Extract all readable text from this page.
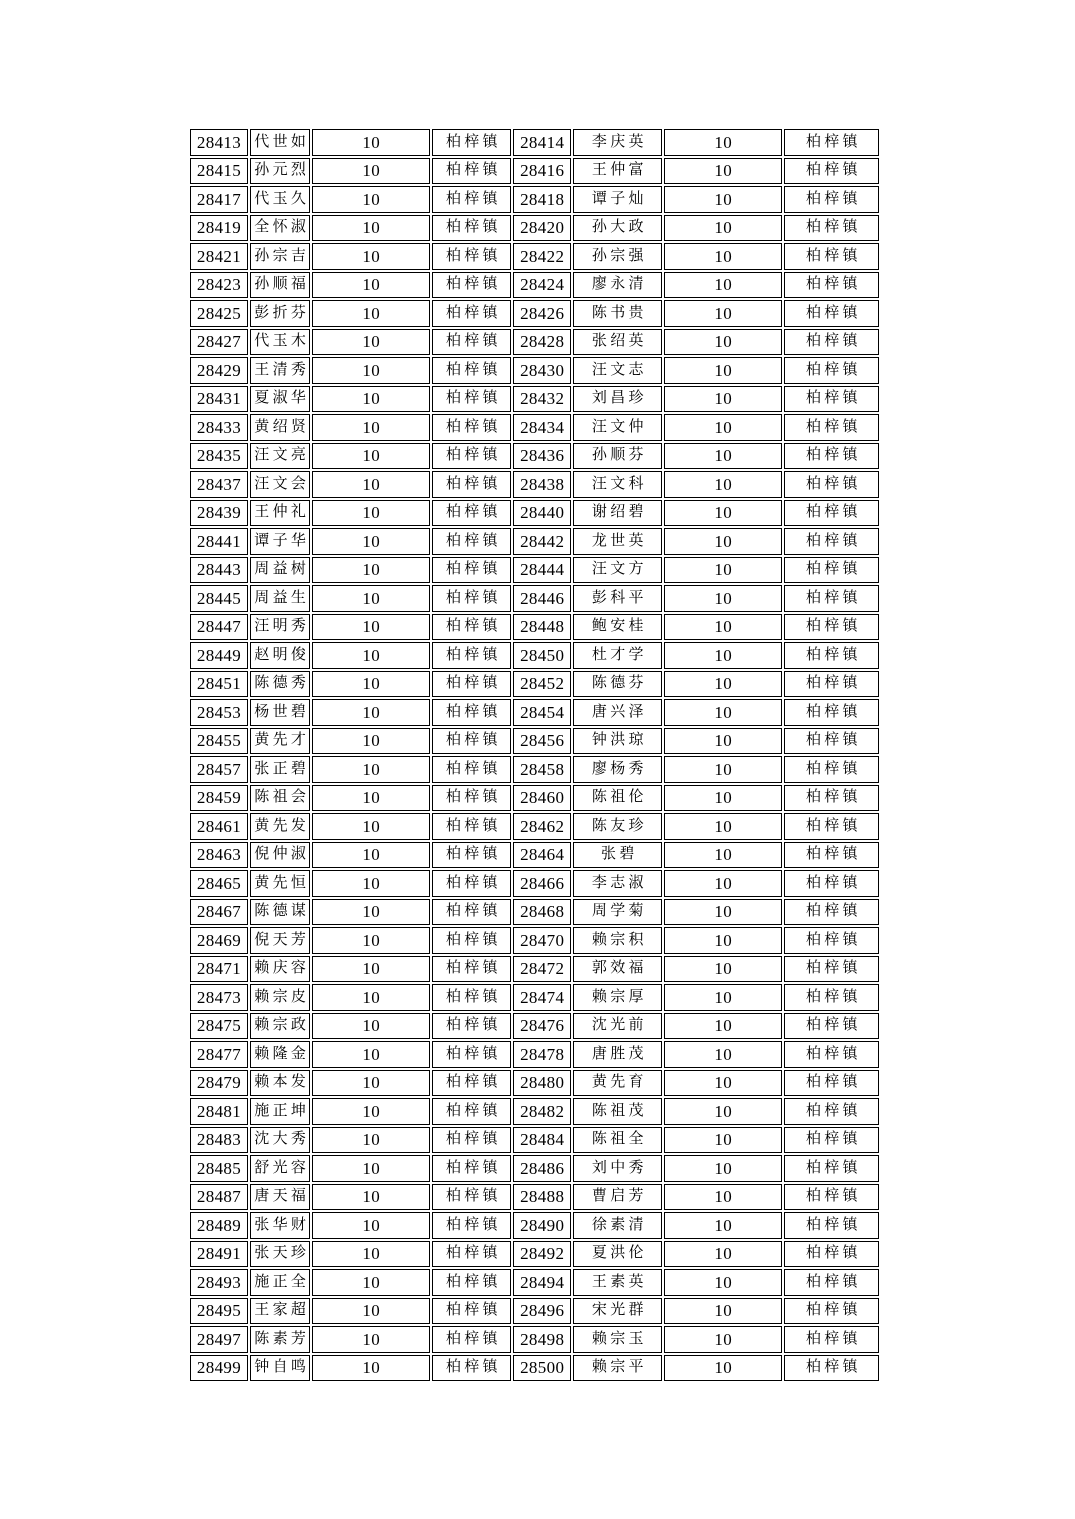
28413	代世如	10	柏梓镇	28414	李庆英	10	柏梓镇
28415	孙元烈	10	柏梓镇	28416	王仲富	10	柏梓镇
28417	代玉久	10	柏梓镇	28418	谭子灿	10	柏梓镇
28419	全怀淑	10	柏梓镇	28420	孙大政	10	柏梓镇
28421	孙宗吉	10	柏梓镇	28422	孙宗强	10	柏梓镇
28423	孙顺福	10	柏梓镇	28424	廖永清	10	柏梓镇
28425	彭折芬	10	柏梓镇	28426	陈书贵	10	柏梓镇
28427	代玉木	10	柏梓镇	28428	张绍英	10	柏梓镇
28429	王清秀	10	柏梓镇	28430	汪文志	10	柏梓镇
28431	夏淑华	10	柏梓镇	28432	刘昌珍	10	柏梓镇
28433	黄绍贤	10	柏梓镇	28434	汪文仲	10	柏梓镇
28435	汪文亮	10	柏梓镇	28436	孙顺芬	10	柏梓镇
28437	汪文会	10	柏梓镇	28438	汪文科	10	柏梓镇
28439	王仲礼	10	柏梓镇	28440	谢绍碧	10	柏梓镇
28441	谭子华	10	柏梓镇	28442	龙世英	10	柏梓镇
28443	周益树	10	柏梓镇	28444	汪文方	10	柏梓镇
28445	周益生	10	柏梓镇	28446	彭科平	10	柏梓镇
28447	汪明秀	10	柏梓镇	28448	鲍安桂	10	柏梓镇
28449	赵明俊	10	柏梓镇	28450	杜才学	10	柏梓镇
28451	陈德秀	10	柏梓镇	28452	陈德芬	10	柏梓镇
28453	杨世碧	10	柏梓镇	28454	唐兴泽	10	柏梓镇
28455	黄先才	10	柏梓镇	28456	钟洪琼	10	柏梓镇
28457	张正碧	10	柏梓镇	28458	廖杨秀	10	柏梓镇
28459	陈祖会	10	柏梓镇	28460	陈祖伦	10	柏梓镇
28461	黄先发	10	柏梓镇	28462	陈友珍	10	柏梓镇
28463	倪仲淑	10	柏梓镇	28464	张碧	10	柏梓镇
28465	黄先恒	10	柏梓镇	28466	李志淑	10	柏梓镇
28467	陈德谋	10	柏梓镇	28468	周学菊	10	柏梓镇
28469	倪天芳	10	柏梓镇	28470	赖宗积	10	柏梓镇
28471	赖庆容	10	柏梓镇	28472	郭效福	10	柏梓镇
28473	赖宗皮	10	柏梓镇	28474	赖宗厚	10	柏梓镇
28475	赖宗政	10	柏梓镇	28476	沈光前	10	柏梓镇
28477	赖隆金	10	柏梓镇	28478	唐胜茂	10	柏梓镇
28479	赖本发	10	柏梓镇	28480	黄先育	10	柏梓镇
28481	施正坤	10	柏梓镇	28482	陈祖茂	10	柏梓镇
28483	沈大秀	10	柏梓镇	28484	陈祖全	10	柏梓镇
28485	舒光容	10	柏梓镇	28486	刘中秀	10	柏梓镇
28487	唐天福	10	柏梓镇	28488	曹启芳	10	柏梓镇
28489	张华财	10	柏梓镇	28490	徐素清	10	柏梓镇
28491	张天珍	10	柏梓镇	28492	夏洪伦	10	柏梓镇
28493	施正全	10	柏梓镇	28494	王素英	10	柏梓镇
28495	王家超	10	柏梓镇	28496	宋光群	10	柏梓镇
28497	陈素芳	10	柏梓镇	28498	赖宗玉	10	柏梓镇
28499	钟自鸣	10	柏梓镇	28500	赖宗平	10	柏梓镇
